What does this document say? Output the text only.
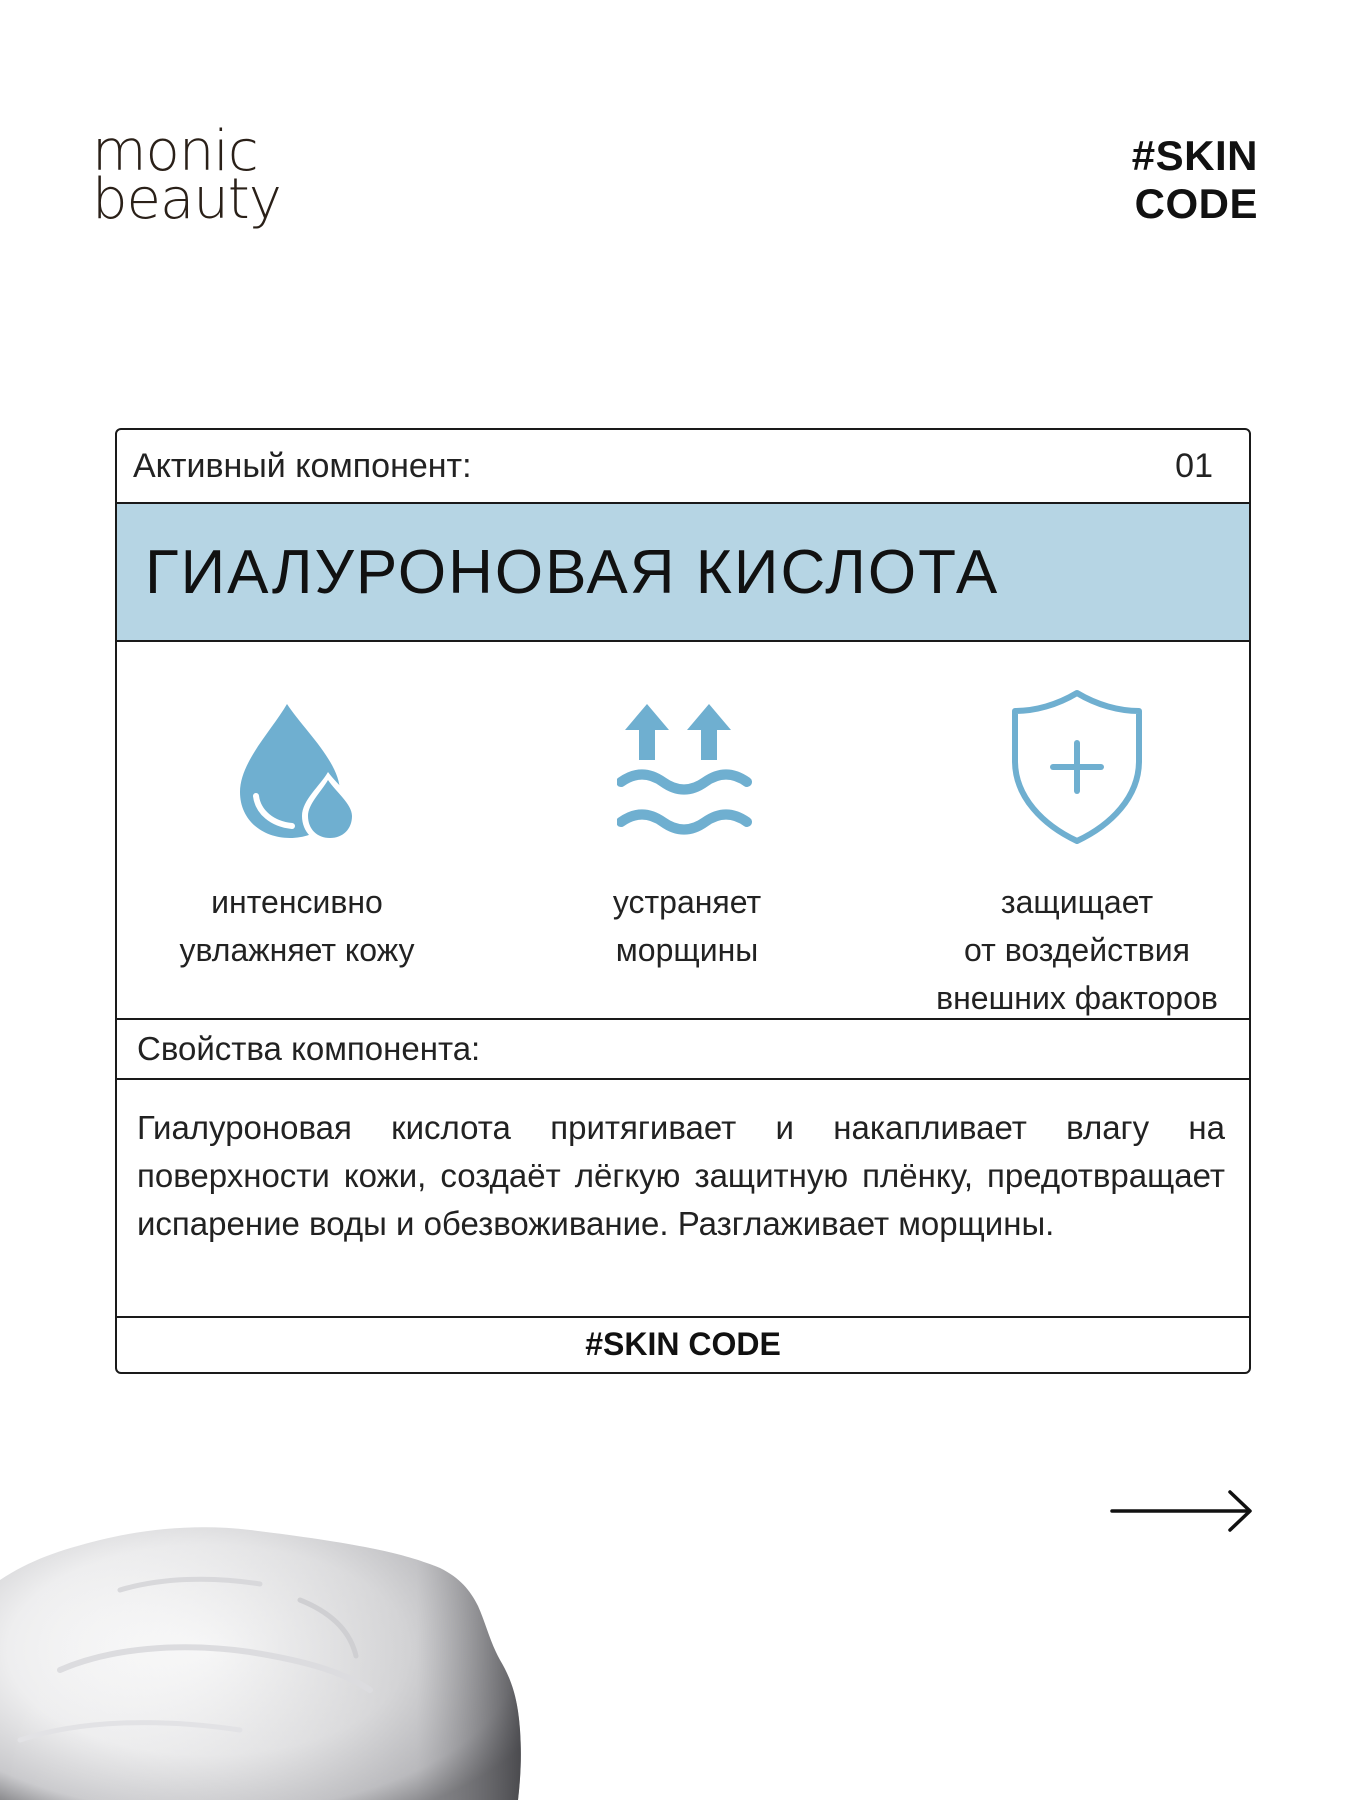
monic
beauty
#SKIN
CODE
Активный компонент:	01
ГИАЛУРОНОВАЯ КИСЛОТА
интенсивно
увлажняет кожу
устраняет
морщины
защищает
от воздействия
внешних факторов
Свойства компонента:
Гиалуроновая кислота притягивает и накапливает влагу на поверхности кожи, создаёт лёгкую защитную плёнку, предотвращает испарение воды и обезвоживание. Разглаживает морщины.
#SKIN CODE
